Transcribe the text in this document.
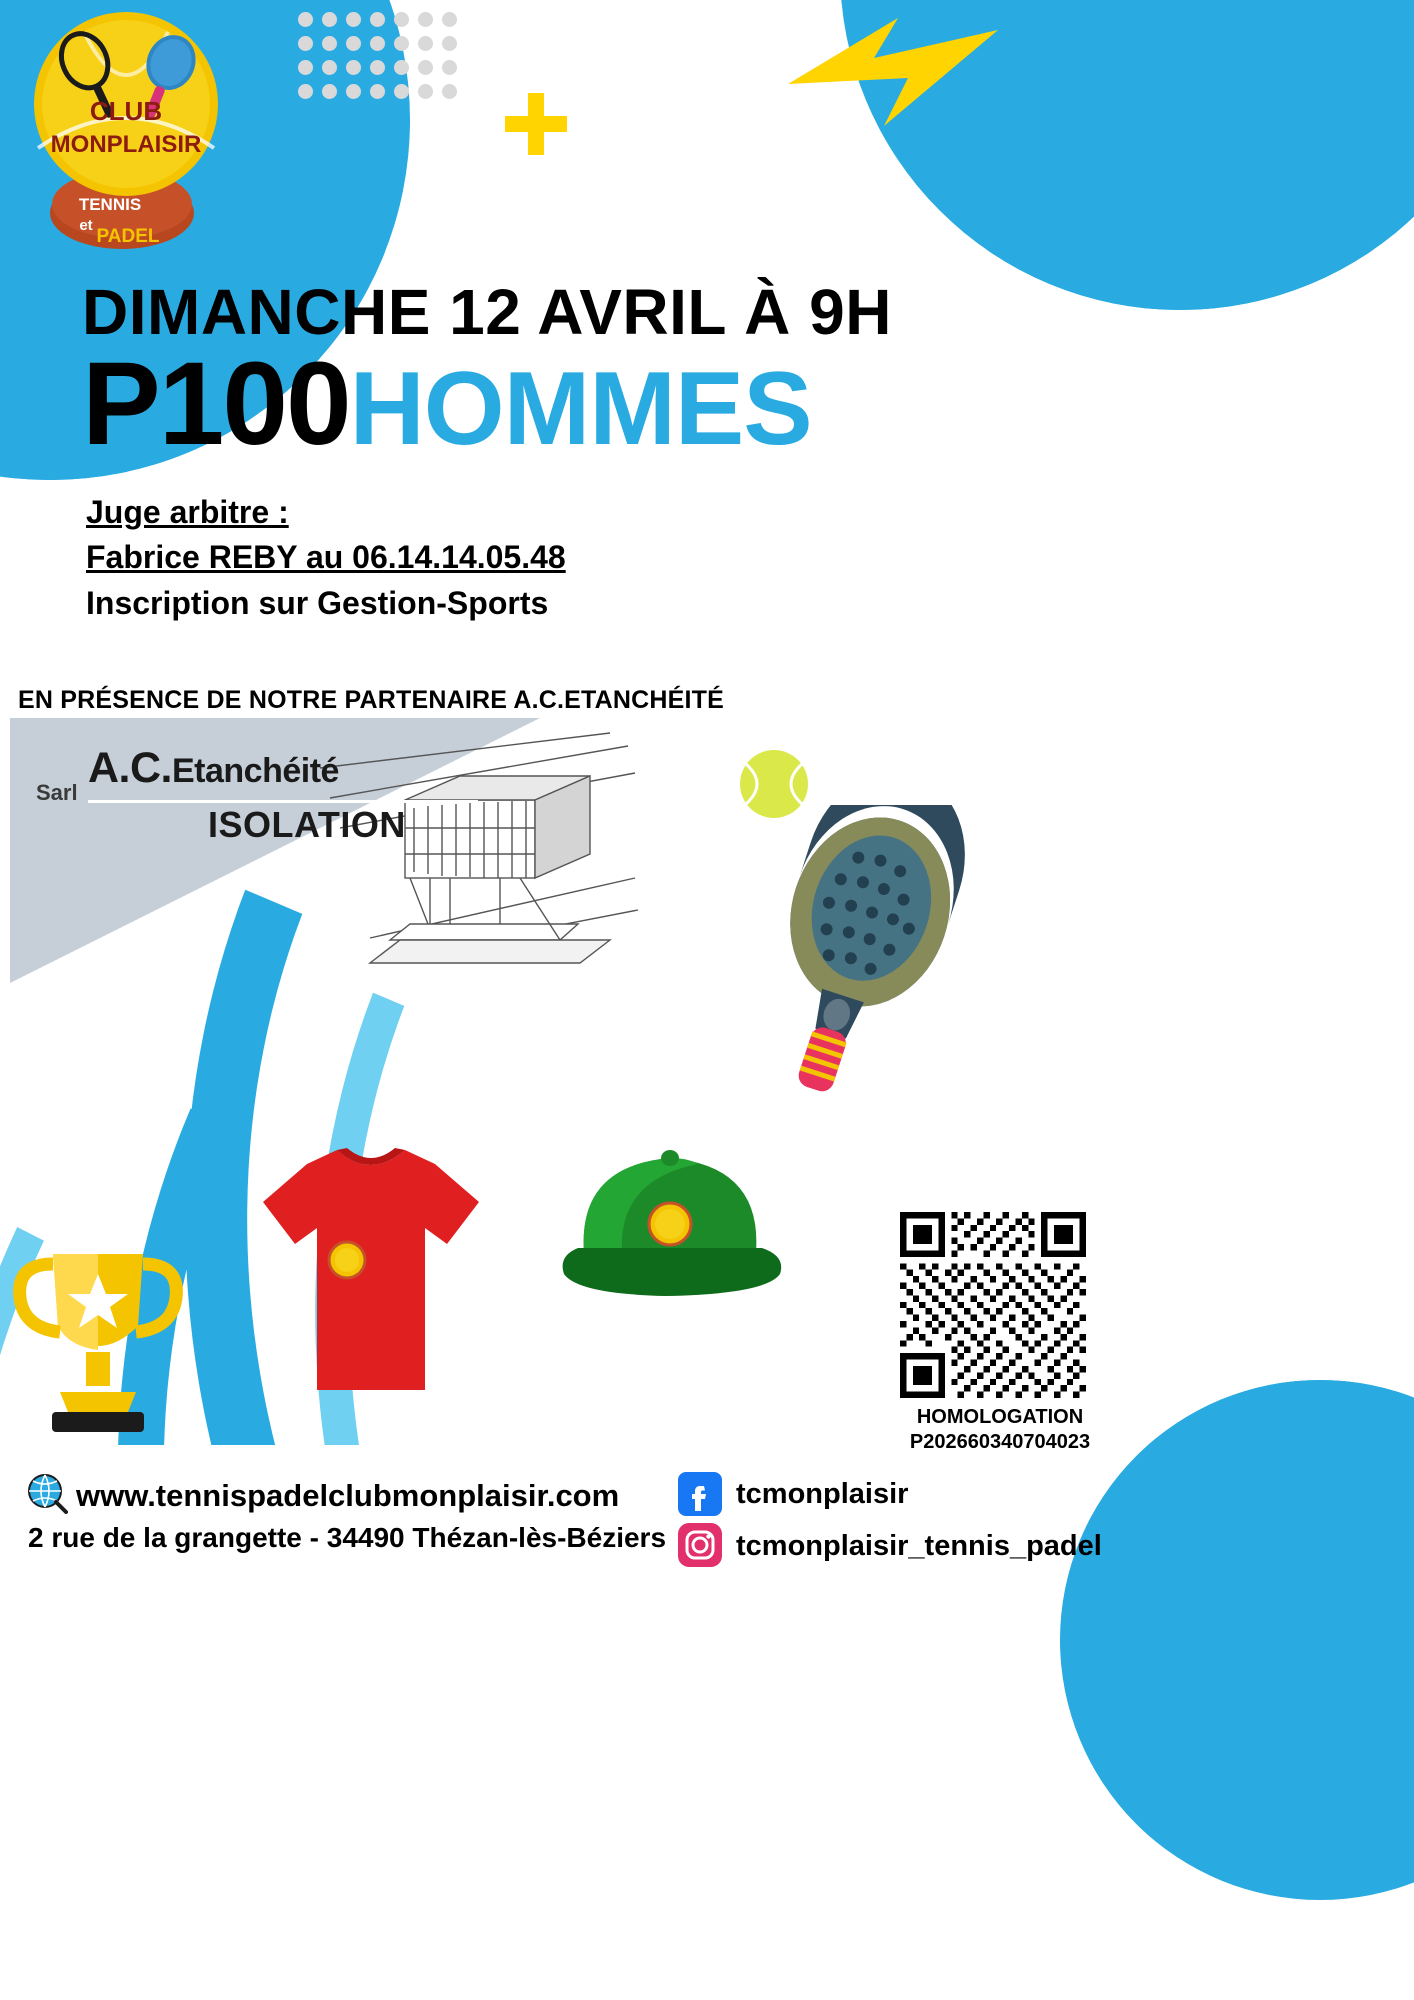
CLUB
MONPLAISIR
TENNIS
et
PADEL
DIMANCHE 12 AVRIL À 9H
P100HOMMES
Juge arbitre :
Fabrice REBY au 06.14.14.05.48
Inscription sur Gestion-Sports
EN PRÉSENCE DE NOTRE PARTENAIRE A.C.ETANCHÉITÉ
Sarl
A.C.Etanchéité
ISOLATION
HOMOLOGATION
P202660340704023
www.tennispadelclubmonplaisir.com
2 rue de la grangette - 34490 Thézan-lès-Béziers
tcmonplaisir
tcmonplaisir_tennis_padel
